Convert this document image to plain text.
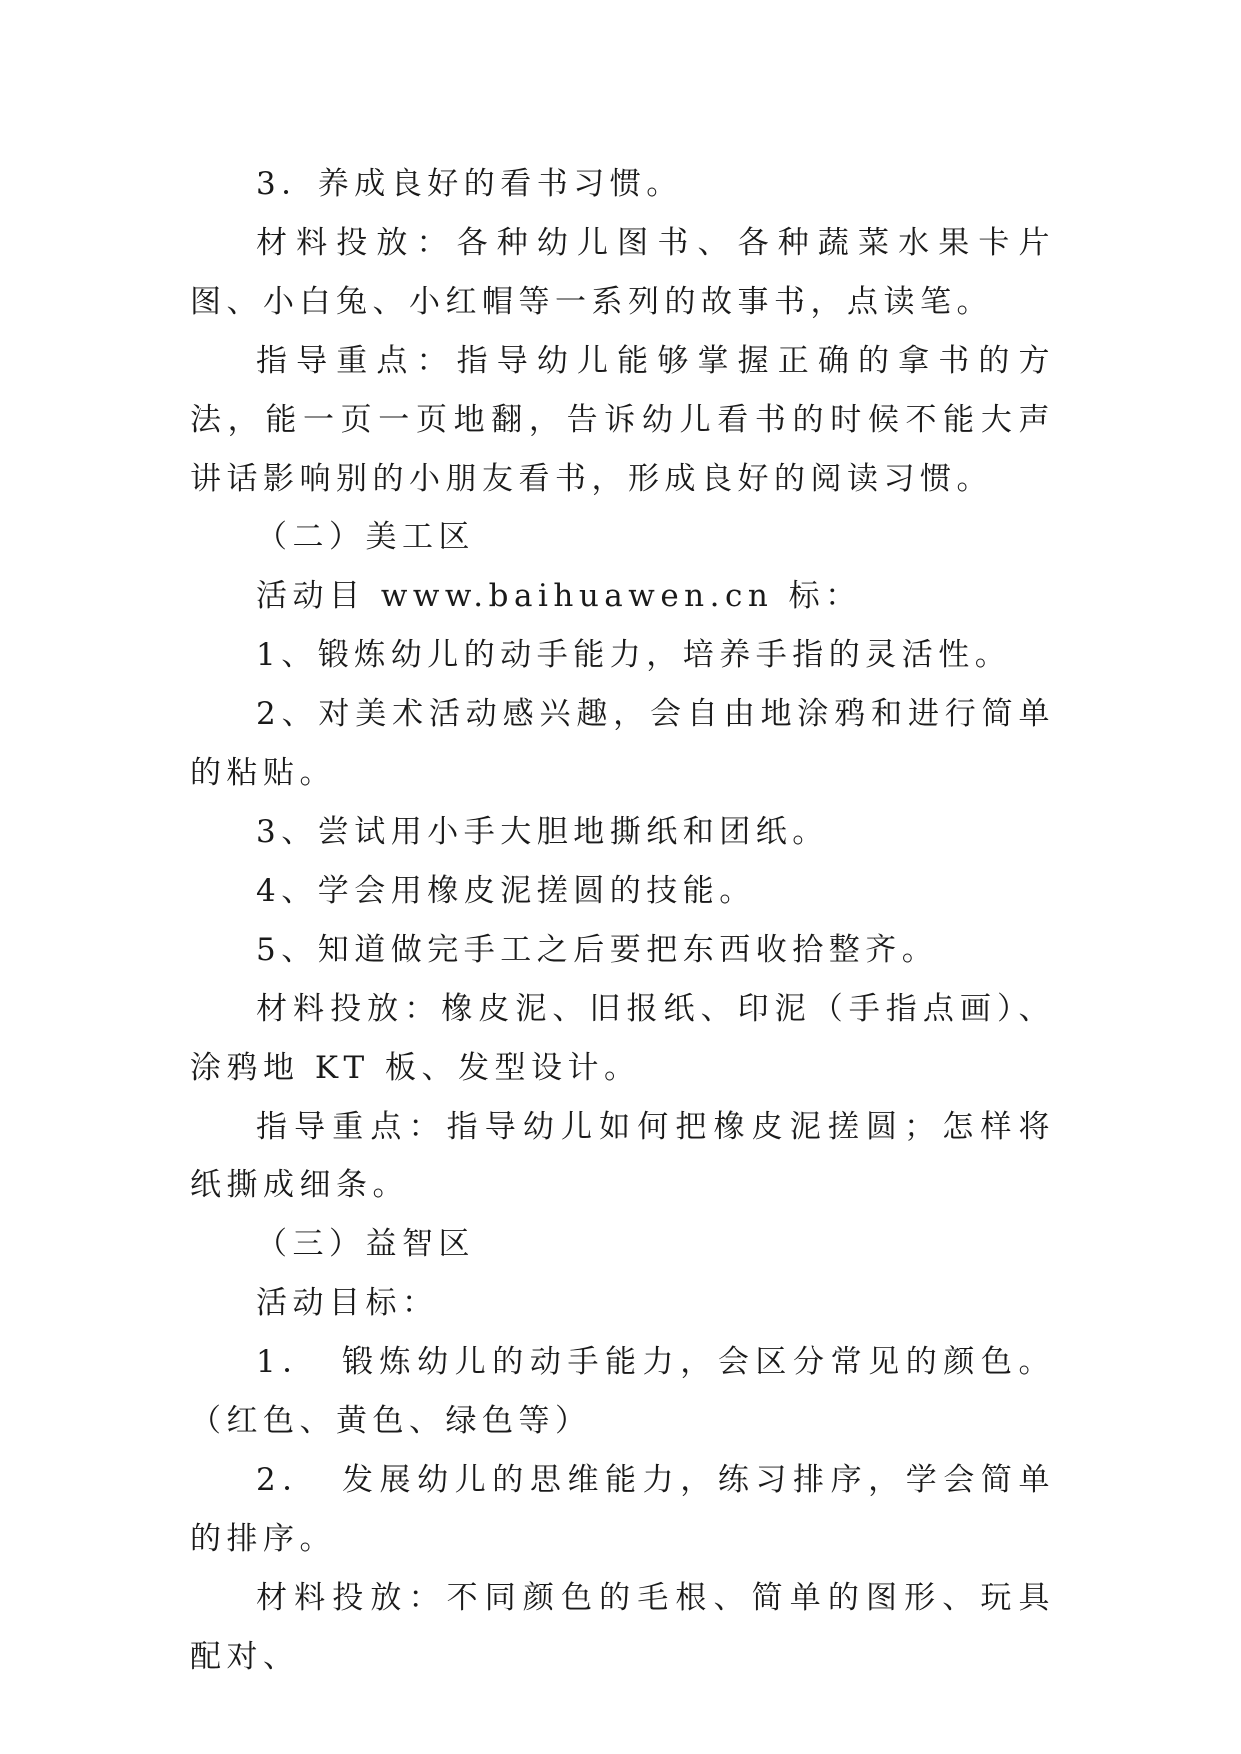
3．养成良好的看书习惯。

材料投放：各种幼儿图书、各种蔬菜水果卡片图、小白兔、小红帽等一系列的故事书，点读笔。

指导重点：指导幼儿能够掌握正确的拿书的方法，能一页一页地翻，告诉幼儿看书的时候不能大声讲话影响别的小朋友看书，形成良好的阅读习惯。

（二）美工区

活动目 www.baihuawen.cn 标：

1、锻炼幼儿的动手能力，培养手指的灵活性。

2、对美术活动感兴趣，会自由地涂鸦和进行简单的粘贴。

3、尝试用小手大胆地撕纸和团纸。

4、学会用橡皮泥搓圆的技能。

5、知道做完手工之后要把东西收拾整齐。

材料投放：橡皮泥、旧报纸、印泥（手指点画）、涂鸦地 KT 板、发型设计。

指导重点：指导幼儿如何把橡皮泥搓圆；怎样将纸撕成细条。

（三）益智区

活动目标：

1．　锻炼幼儿的动手能力，会区分常见的颜色。（红色、黄色、绿色等）

2．　发展幼儿的思维能力，练习排序，学会简单的排序。

材料投放：不同颜色的毛根、简单的图形、玩具配对、
